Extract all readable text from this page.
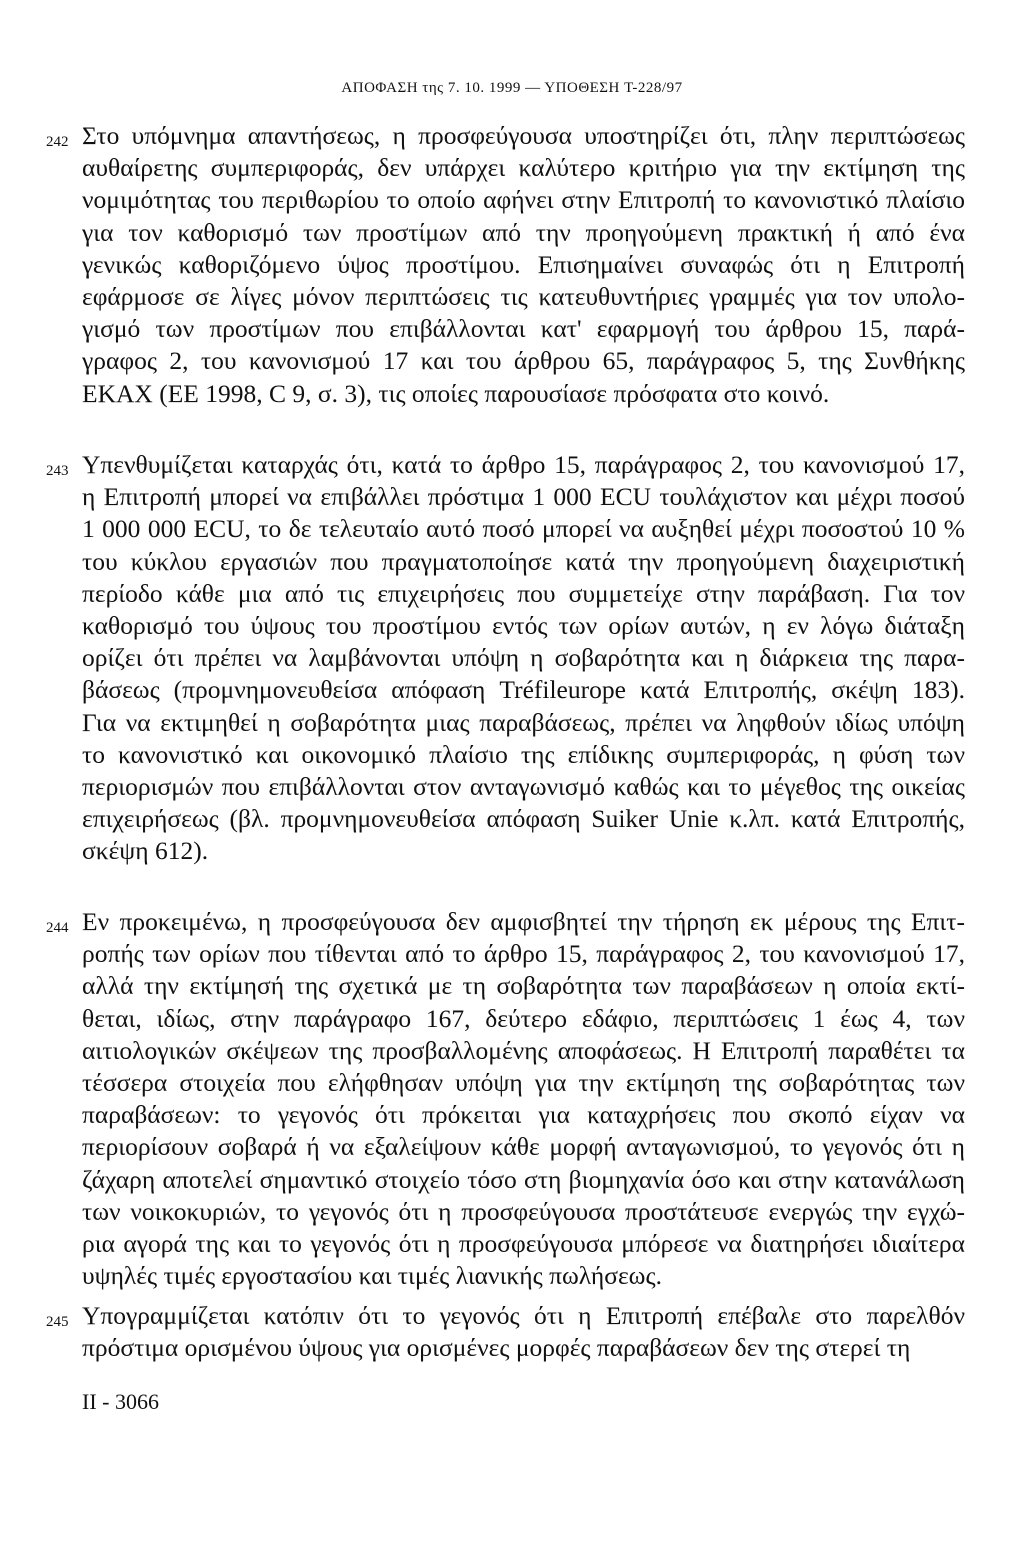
ΑΠΟΦΑΣΗ της 7. 10. 1999 — ΥΠΟΘΕΣΗ T-228/97
242 Στο υπόμνημα απαντήσεως, η προσφεύγουσα υποστηρίζει ότι, πλην περιπτώσεως
αυθαίρετης συμπεριφοράς, δεν υπάρχει καλύτερο κριτήριο για την εκτίμηση της
νομιμότητας του περιθωρίου το οποίο αφήνει στην Επιτροπή το κανονιστικό πλαίσιο
για τον καθορισμό των προστίμων από την προηγούμενη πρακτική ή από ένα
γενικώς καθοριζόμενο ύψος προστίμου. Επισημαίνει συναφώς ότι η Επιτροπή
εφάρμοσε σε λίγες μόνον περιπτώσεις τις κατευθυντήριες γραμμές για τον υπολο-
γισμό των προστίμων που επιβάλλονται κατ' εφαρμογή του άρθρου 15, παρά-
γραφος 2, του κανονισμού 17 και του άρθρου 65, παράγραφος 5, της Συνθήκης
ΕΚΑΧ (ΕΕ 1998, C 9, σ. 3), τις οποίες παρουσίασε πρόσφατα στο κοινό.
243 Υπενθυμίζεται καταρχάς ότι, κατά το άρθρο 15, παράγραφος 2, του κανονισμού 17,
η Επιτροπή μπορεί να επιβάλλει πρόστιμα 1 000 ECU τουλάχιστον και μέχρι ποσού
1 000 000 ECU, το δε τελευταίο αυτό ποσό μπορεί να αυξηθεί μέχρι ποσοστού 10 %
του κύκλου εργασιών που πραγματοποίησε κατά την προηγούμενη διαχειριστική
περίοδο κάθε μια από τις επιχειρήσεις που συμμετείχε στην παράβαση. Για τον
καθορισμό του ύψους του προστίμου εντός των ορίων αυτών, η εν λόγω διάταξη
ορίζει ότι πρέπει να λαμβάνονται υπόψη η σοβαρότητα και η διάρκεια της παρα-
βάσεως (προμνημονευθείσα απόφαση Tréfileurope κατά Επιτροπής, σκέψη 183).
Για να εκτιμηθεί η σοβαρότητα μιας παραβάσεως, πρέπει να ληφθούν ιδίως υπόψη
το κανονιστικό και οικονομικό πλαίσιο της επίδικης συμπεριφοράς, η φύση των
περιορισμών που επιβάλλονται στον ανταγωνισμό καθώς και το μέγεθος της οικείας
επιχειρήσεως (βλ. προμνημονευθείσα απόφαση Suiker Unie κ.λπ. κατά Επιτροπής,
σκέψη 612).
244 Εν προκειμένω, η προσφεύγουσα δεν αμφισβητεί την τήρηση εκ μέρους της Επιτ-
ροπής των ορίων που τίθενται από το άρθρο 15, παράγραφος 2, του κανονισμού 17,
αλλά την εκτίμησή της σχετικά με τη σοβαρότητα των παραβάσεων η οποία εκτί-
θεται, ιδίως, στην παράγραφο 167, δεύτερο εδάφιο, περιπτώσεις 1 έως 4, των
αιτιολογικών σκέψεων της προσβαλλομένης αποφάσεως. Η Επιτροπή παραθέτει τα
τέσσερα στοιχεία που ελήφθησαν υπόψη για την εκτίμηση της σοβαρότητας των
παραβάσεων: το γεγονός ότι πρόκειται για καταχρήσεις που σκοπό είχαν να
περιορίσουν σοβαρά ή να εξαλείψουν κάθε μορφή ανταγωνισμού, το γεγονός ότι η
ζάχαρη αποτελεί σημαντικό στοιχείο τόσο στη βιομηχανία όσο και στην κατανάλωση
των νοικοκυριών, το γεγονός ότι η προσφεύγουσα προστάτευσε ενεργώς την εγχώ-
ρια αγορά της και το γεγονός ότι η προσφεύγουσα μπόρεσε να διατηρήσει ιδιαίτερα
υψηλές τιμές εργοστασίου και τιμές λιανικής πωλήσεως.
245 Υπογραμμίζεται κατόπιν ότι το γεγονός ότι η Επιτροπή επέβαλε στο παρελθόν
πρόστιμα ορισμένου ύψους για ορισμένες μορφές παραβάσεων δεν της στερεί τη
II - 3066
